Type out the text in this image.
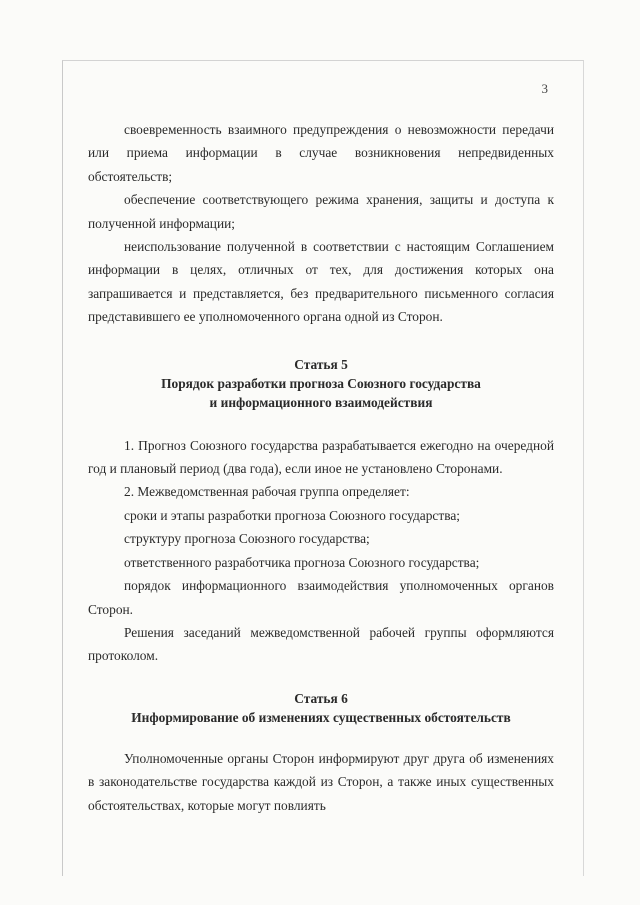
3

своевременность взаимного предупреждения о невозможности передачи или приема информации в случае возникновения непредвиденных обстоятельств;

обеспечение соответствующего режима хранения, защиты и доступа к полученной информации;

неиспользование полученной в соответствии с настоящим Соглашением информации в целях, отличных от тех, для достижения которых она запрашивается и представляется, без предварительного письменного согласия представившего ее уполномоченного органа одной из Сторон.

Статья 5
Порядок разработки прогноза Союзного государства
и информационного взаимодействия

1. Прогноз Союзного государства разрабатывается ежегодно на очередной год и плановый период (два года), если иное не установлено Сторонами.

2. Межведомственная рабочая группа определяет:

сроки и этапы разработки прогноза Союзного государства;

структуру прогноза Союзного государства;

ответственного разработчика прогноза Союзного государства;

порядок информационного взаимодействия уполномоченных органов Сторон.

Решения заседаний межведомственной рабочей группы оформляются протоколом.

Статья 6
Информирование об изменениях существенных обстоятельств

Уполномоченные органы Сторон информируют друг друга об изменениях в законодательстве государства каждой из Сторон, а также иных существенных обстоятельствах, которые могут повлиять
